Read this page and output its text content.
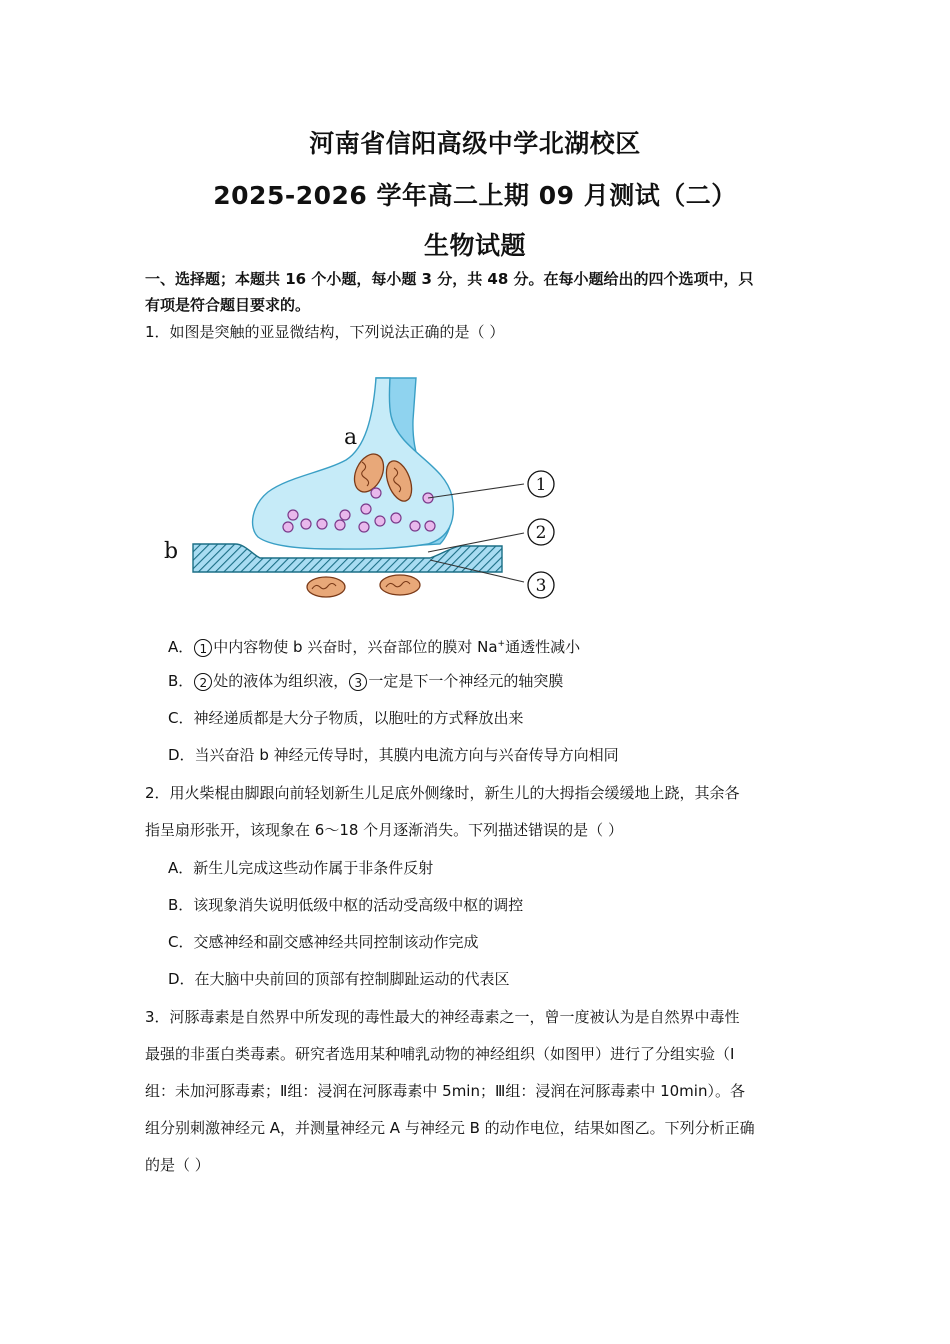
河南省信阳高级中学北湖校区
2025-2026 学年高二上期 09 月测试（二）
生物试题
一、选择题；本题共 16 个小题，每小题 3 分，共 48 分。在每小题给出的四个选项中，只
有项是符合题目要求的。
1．如图是突触的亚显微结构，下列说法正确的是（ ）
a
b
1
2
3
A． 1 中内容物使 b 兴奋时，兴奋部位的膜对 Na+通透性减小
B． 2 处的液体为组织液， 3 一定是下一个神经元的轴突膜
C．神经递质都是大分子物质，以胞吐的方式释放出来
D．当兴奋沿 b 神经元传导时，其膜内电流方向与兴奋传导方向相同
2．用火柴棍由脚跟向前轻划新生儿足底外侧缘时，新生儿的大拇指会缓缓地上跷，其余各
指呈扇形张开，该现象在 6～18 个月逐渐消失。下列描述错误的是（ ）
A．新生儿完成这些动作属于非条件反射
B．该现象消失说明低级中枢的活动受高级中枢的调控
C．交感神经和副交感神经共同控制该动作完成
D．在大脑中央前回的顶部有控制脚趾运动的代表区
3．河豚毒素是自然界中所发现的毒性最大的神经毒素之一，曾一度被认为是自然界中毒性
最强的非蛋白类毒素。研究者选用某种哺乳动物的神经组织（如图甲）进行了分组实验（Ⅰ
组：未加河豚毒素；Ⅱ组：浸润在河豚毒素中 5min；Ⅲ组：浸润在河豚毒素中 10min）。各
组分别刺激神经元 A，并测量神经元 A 与神经元 B 的动作电位，结果如图乙。下列分析正确
的是（ ）
